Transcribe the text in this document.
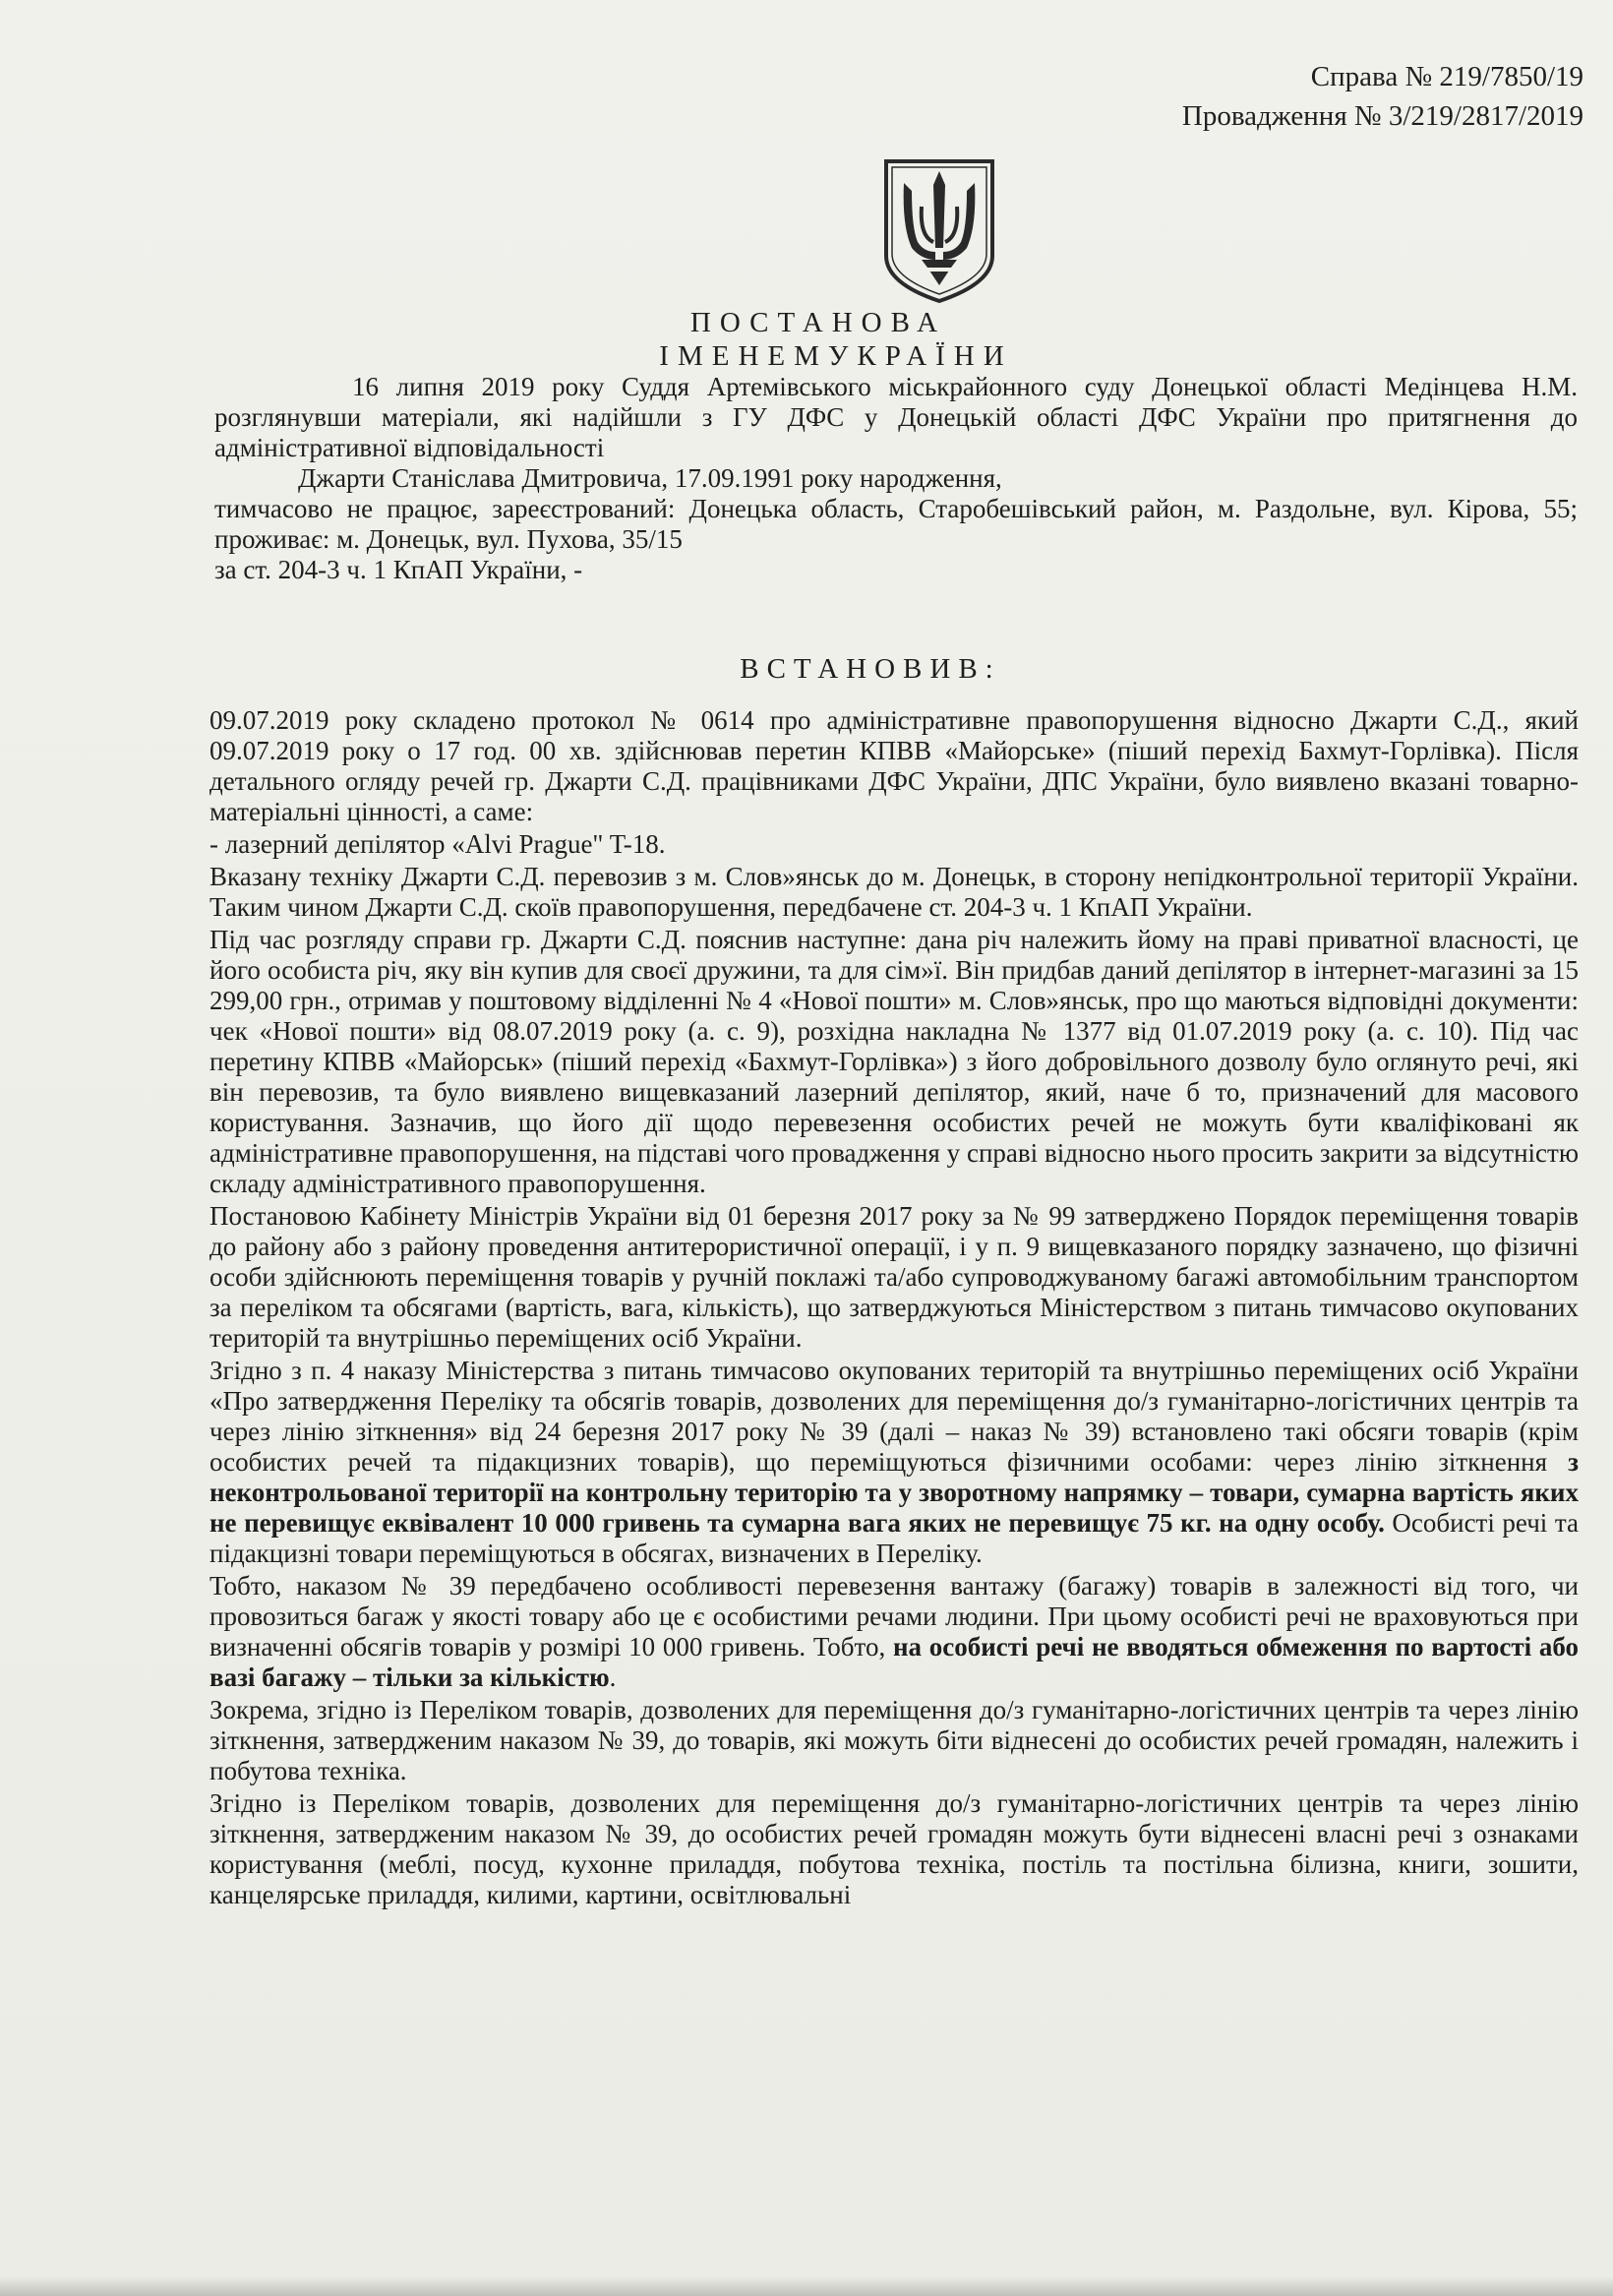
Справа № 219/7850/19
Провадження № 3/219/2817/2019
ПОСТАНОВА
ІМЕНЕМУКРАЇНИ

16 липня 2019 року Суддя Артемівського міськрайонного суду Донецької області Медінцева Н.М. розглянувши матеріали, які надійшли з ГУ ДФС у Донецькій області ДФС України про притягнення до адміністративної відповідальності

Джарти Станіслава Дмитровича, 17.09.1991 року народження,

тимчасово не працює, зареєстрований: Донецька область, Старобешівський район, м. Раздольне, вул. Кірова, 55; проживає: м. Донецьк, вул. Пухова, 35/15

за ст. 204-3 ч. 1 КпАП України, -

ВСТАНОВИВ:

09.07.2019 року складено протокол № 0614 про адміністративне правопорушення відносно Джарти С.Д., який 09.07.2019 року о 17 год. 00 хв. здійснював перетин КПВВ «Майорське» (піший перехід Бахмут-Горлівка). Після детального огляду речей гр. Джарти С.Д. працівниками ДФС України, ДПС України, було виявлено вказані товарно-матеріальні цінності, а саме:

- лазерний депілятор «Alvi Prague" T-18.

Вказану техніку Джарти С.Д. перевозив з м. Слов»янськ до м. Донецьк, в сторону непідконтрольної території України. Таким чином Джарти С.Д. скоїв правопорушення, передбачене ст. 204-3 ч. 1 КпАП України.

Під час розгляду справи гр. Джарти С.Д. пояснив наступне: дана річ належить йому на праві приватної власності, це його особиста річ, яку він купив для своєї дружини, та для сім»ї. Він придбав даний депілятор в інтернет-магазині за 15 299,00 грн., отримав у поштовому відділенні № 4 «Нової пошти» м. Слов»янськ, про що маються відповідні документи: чек «Нової пошти» від 08.07.2019 року (а. с. 9), розхідна накладна № 1377 від 01.07.2019 року (а. с. 10). Під час перетину КПВВ «Майорськ» (піший перехід «Бахмут-Горлівка») з його добровільного дозволу було оглянуто речі, які він перевозив, та було виявлено вищевказаний лазерний депілятор, який, наче б то, призначений для масового користування. Зазначив, що його дії щодо перевезення особистих речей не можуть бути кваліфіковані як адміністративне правопорушення, на підставі чого провадження у справі відносно нього просить закрити за відсутністю складу адміністративного правопорушення.

Постановою Кабінету Міністрів України від 01 березня 2017 року за № 99 затверджено Порядок переміщення товарів до району або з району проведення антитерористичної операції, і у п. 9 вищевказаного порядку зазначено, що фізичні особи здійснюють переміщення товарів у ручній поклажі та/або супроводжуваному багажі автомобільним транспортом за переліком та обсягами (вартість, вага, кількість), що затверджуються Міністерством з питань тимчасово окупованих територій та внутрішньо переміщених осіб України.

Згідно з п. 4 наказу Міністерства з питань тимчасово окупованих територій та внутрішньо переміщених осіб України «Про затвердження Переліку та обсягів товарів, дозволених для переміщення до/з гуманітарно-логістичних центрів та через лінію зіткнення» від 24 березня 2017 року № 39 (далі – наказ № 39) встановлено такі обсяги товарів (крім особистих речей та підакцизних товарів), що переміщуються фізичними особами: через лінію зіткнення з неконтрольованої території на контрольну територію та у зворотному напрямку – товари, сумарна вартість яких не перевищує еквівалент 10 000 гривень та сумарна вага яких не перевищує 75 кг. на одну особу. Особисті речі та підакцизні товари переміщуються в обсягах, визначених в Переліку.

Тобто, наказом № 39 передбачено особливості перевезення вантажу (багажу) товарів в залежності від того, чи провозиться багаж у якості товару або це є особистими речами людини. При цьому особисті речі не враховуються при визначенні обсягів товарів у розмірі 10 000 гривень. Тобто, на особисті речі не вводяться обмеження по вартості або вазі багажу – тільки за кількістю.

Зокрема, згідно із Переліком товарів, дозволених для переміщення до/з гуманітарно-логістичних центрів та через лінію зіткнення, затвердженим наказом № 39, до товарів, які можуть біти віднесені до особистих речей громадян, належить і побутова техніка.

Згідно із Переліком товарів, дозволених для переміщення до/з гуманітарно-логістичних центрів та через лінію зіткнення, затвердженим наказом № 39, до особистих речей громадян можуть бути віднесені власні речі з ознаками користування (меблі, посуд, кухонне приладдя, побутова техніка, постіль та постільна білизна, книги, зошити, канцелярське приладдя, килими, картини, освітлювальні
